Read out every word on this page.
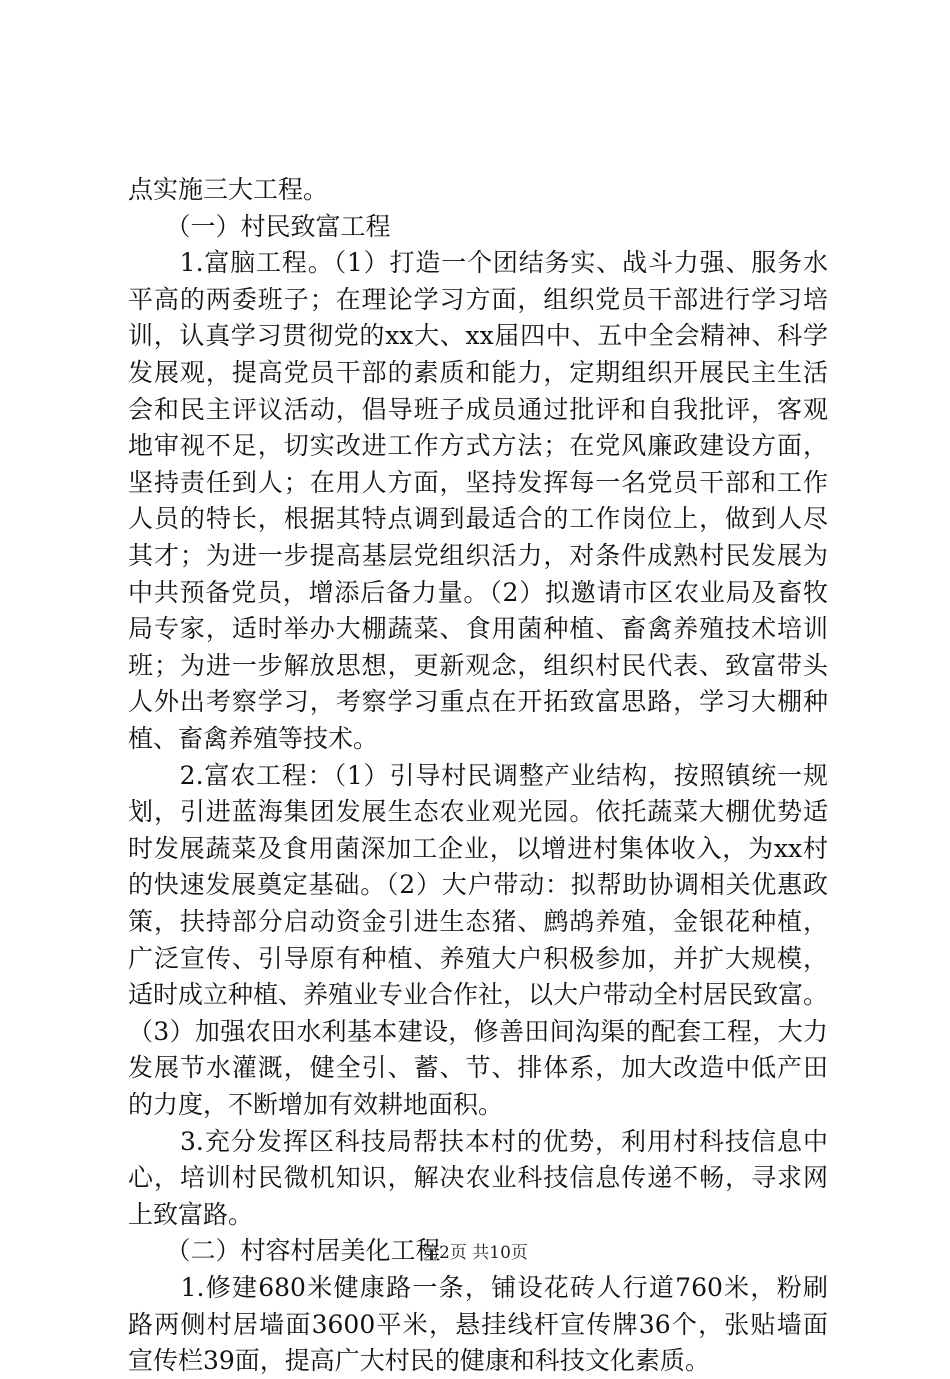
点实施三大工程。
　　（一）村民致富工程
　　1.富脑工程。（1）打造一个团结务实、战斗力强、服务水
平高的两委班子；在理论学习方面，组织党员干部进行学习培
训，认真学习贯彻党的xx大、xx届四中、五中全会精神、科学
发展观，提高党员干部的素质和能力，定期组织开展民主生活
会和民主评议活动，倡导班子成员通过批评和自我批评，客观
地审视不足，切实改进工作方式方法；在党风廉政建设方面，
坚持责任到人；在用人方面，坚持发挥每一名党员干部和工作
人员的特长，根据其特点调到最适合的工作岗位上，做到人尽
其才；为进一步提高基层党组织活力，对条件成熟村民发展为
中共预备党员，增添后备力量。（2）拟邀请市区农业局及畜牧
局专家，适时举办大棚蔬菜、食用菌种植、畜禽养殖技术培训
班；为进一步解放思想，更新观念，组织村民代表、致富带头
人外出考察学习，考察学习重点在开拓致富思路，学习大棚种
植、畜禽养殖等技术。
　　2.富农工程：（1）引导村民调整产业结构，按照镇统一规
划，引进蓝海集团发展生态农业观光园。依托蔬菜大棚优势适
时发展蔬菜及食用菌深加工企业，以增进村集体收入，为xx村
的快速发展奠定基础。（2）大户带动：拟帮助协调相关优惠政
策，扶持部分启动资金引进生态猪、鹧鸪养殖，金银花种植，
广泛宣传、引导原有种植、养殖大户积极参加，并扩大规模，
适时成立种植、养殖业专业合作社，以大户带动全村居民致富。
（3）加强农田水利基本建设，修善田间沟渠的配套工程，大力
发展节水灌溉，健全引、蓄、节、排体系，加大改造中低产田
的力度，不断增加有效耕地面积。
　　3.充分发挥区科技局帮扶本村的优势，利用村科技信息中
心，培训村民微机知识，解决农业科技信息传递不畅，寻求网
上致富路。
　　（二）村容村居美化工程
　　1.修建680米健康路一条，铺设花砖人行道760米，粉刷
路两侧村居墙面3600平米，悬挂线杆宣传牌36个，张贴墙面
宣传栏39面，提高广大村民的健康和科技文化素质。
第2页 共10页
